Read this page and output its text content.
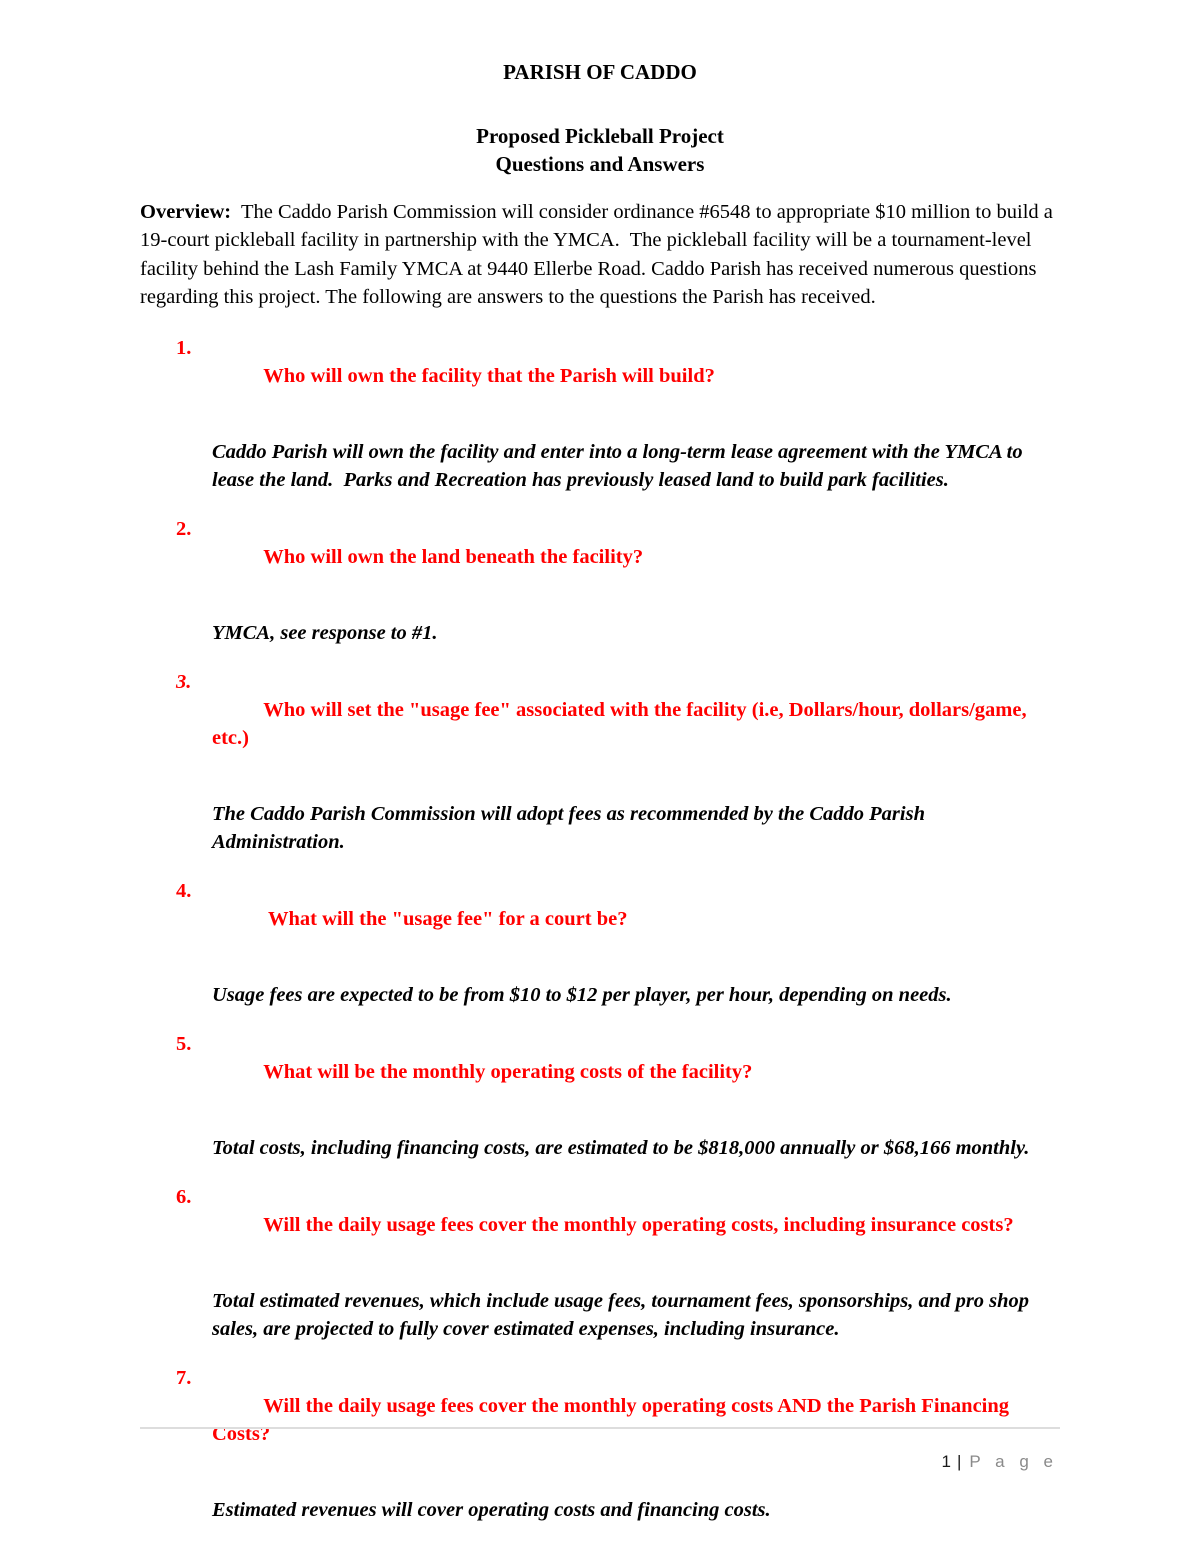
PARISH OF CADDO
Proposed Pickleball Project
Questions and Answers

Overview:  The Caddo Parish Commission will consider ordinance #6548 to appropriate $10 million to build a 19-court pickleball facility in partnership with the YMCA.  The pickleball facility will be a tournament-level facility behind the Lash Family YMCA at 9440 Ellerbe Road. Caddo Parish has received numerous questions regarding this project. The following are answers to the questions the Parish has received.

1.
Who will own the facility that the Parish will build?

Caddo Parish will own the facility and enter into a long-term lease agreement with the YMCA to lease the land.  Parks and Recreation has previously leased land to build park facilities.

2.
Who will own the land beneath the facility?

YMCA, see response to #1.

3.
Who will set the "usage fee" associated with the facility (i.e, Dollars/hour, dollars/game, etc.)

The Caddo Parish Commission will adopt fees as recommended by the Caddo Parish Administration.

4.
What will the "usage fee" for a court be?

Usage fees are expected to be from $10 to $12 per player, per hour, depending on needs.

5.
What will be the monthly operating costs of the facility?

Total costs, including financing costs, are estimated to be $818,000 annually or $68,166 monthly.

6.
Will the daily usage fees cover the monthly operating costs, including insurance costs?

Total estimated revenues, which include usage fees, tournament fees, sponsorships, and pro shop sales, are projected to fully cover estimated expenses, including insurance.

7.
Will the daily usage fees cover the monthly operating costs AND the Parish Financing Costs?

Estimated revenues will cover operating costs and financing costs.
1 | P a g e
